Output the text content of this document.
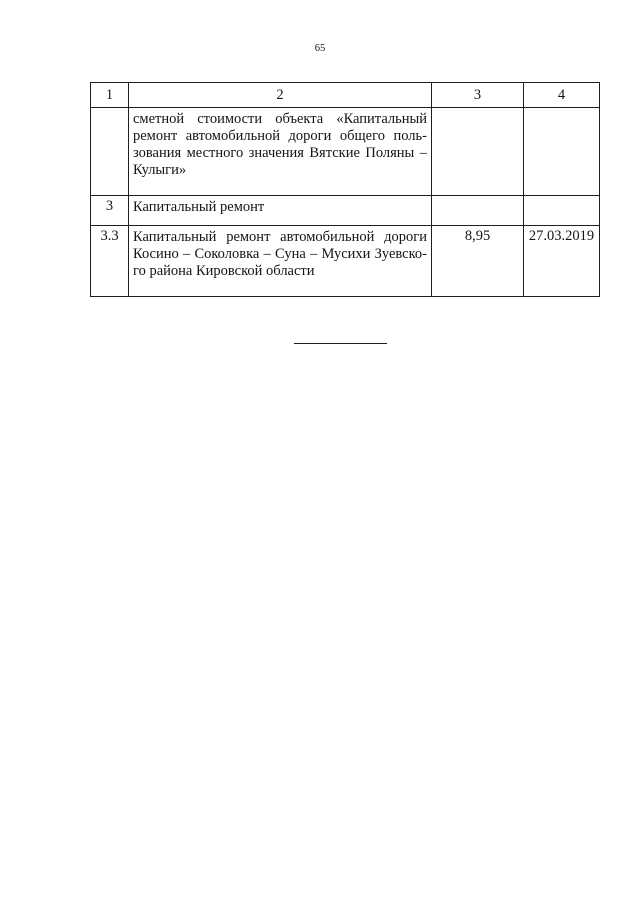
65
1	2	3	4
	сметной стоимости объекта «Капитальный ремонт автомобильной дороги общего пользования местного значения Вятские Поляны – Кулыги»		
3	Капитальный ремонт		
3.3	Капитальный ремонт автомобильной дороги Косино – Соколовка – Суна – Мусихи Зуевского района Кировской области	8,95	27.03.2019
